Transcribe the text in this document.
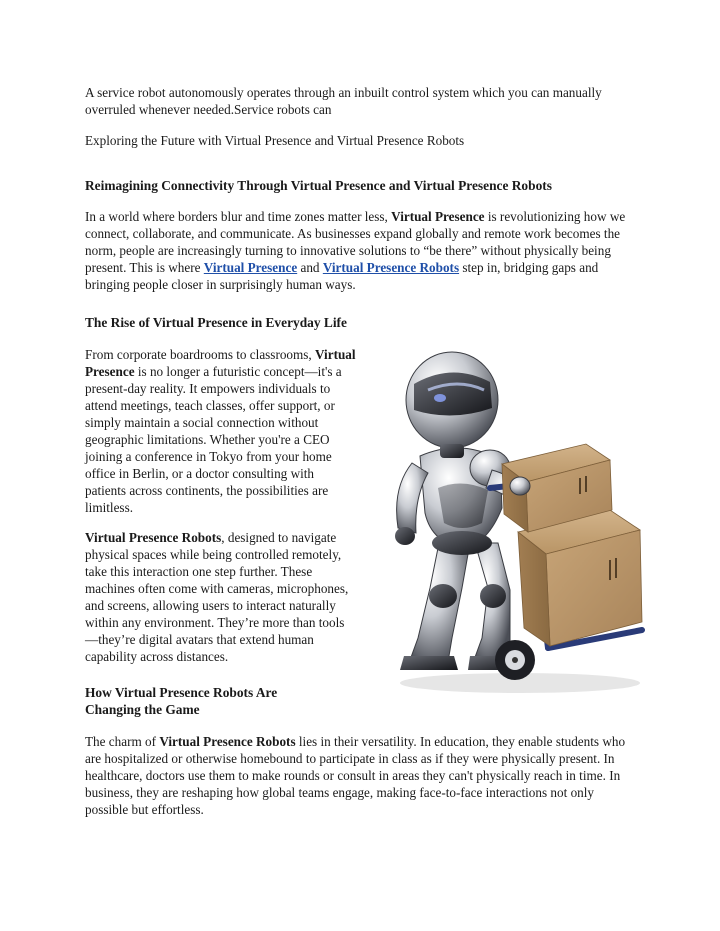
A service robot autonomously operates through an inbuilt control system which you can manually overruled whenever needed.Service robots can

Exploring the Future with Virtual Presence and Virtual Presence Robots

Reimagining Connectivity Through Virtual Presence and Virtual Presence Robots

In a world where borders blur and time zones matter less, Virtual Presence is revolutionizing how we connect, collaborate, and communicate. As businesses expand globally and remote work becomes the norm, people are increasingly turning to innovative solutions to “be there” without physically being present. This is where Virtual Presence and Virtual Presence Robots step in, bridging gaps and bringing people closer in surprisingly human ways.

The Rise of Virtual Presence in Everyday Life

From corporate boardrooms to classrooms, Virtual Presence is no longer a futuristic concept—it's a present-day reality. It empowers individuals to attend meetings, teach classes, offer support, or simply maintain a social connection without geographic limitations. Whether you're a CEO joining a conference in Tokyo from your home office in Berlin, or a doctor consulting with patients across continents, the possibilities are limitless.

Virtual Presence Robots, designed to navigate physical spaces while being controlled remotely, take this interaction one step further. These machines often come with cameras, microphones, and screens, allowing users to interact naturally within any environment. They’re more than tools—they’re digital avatars that extend human capability across distances.

How Virtual Presence Robots Are Changing the Game

The charm of Virtual Presence Robots lies in their versatility. In education, they enable students who are hospitalized or otherwise homebound to participate in class as if they were physically present. In healthcare, doctors use them to make rounds or consult in areas they can't physically reach in time. In business, they are reshaping how global teams engage, making face-to-face interactions not only possible but effortless.
